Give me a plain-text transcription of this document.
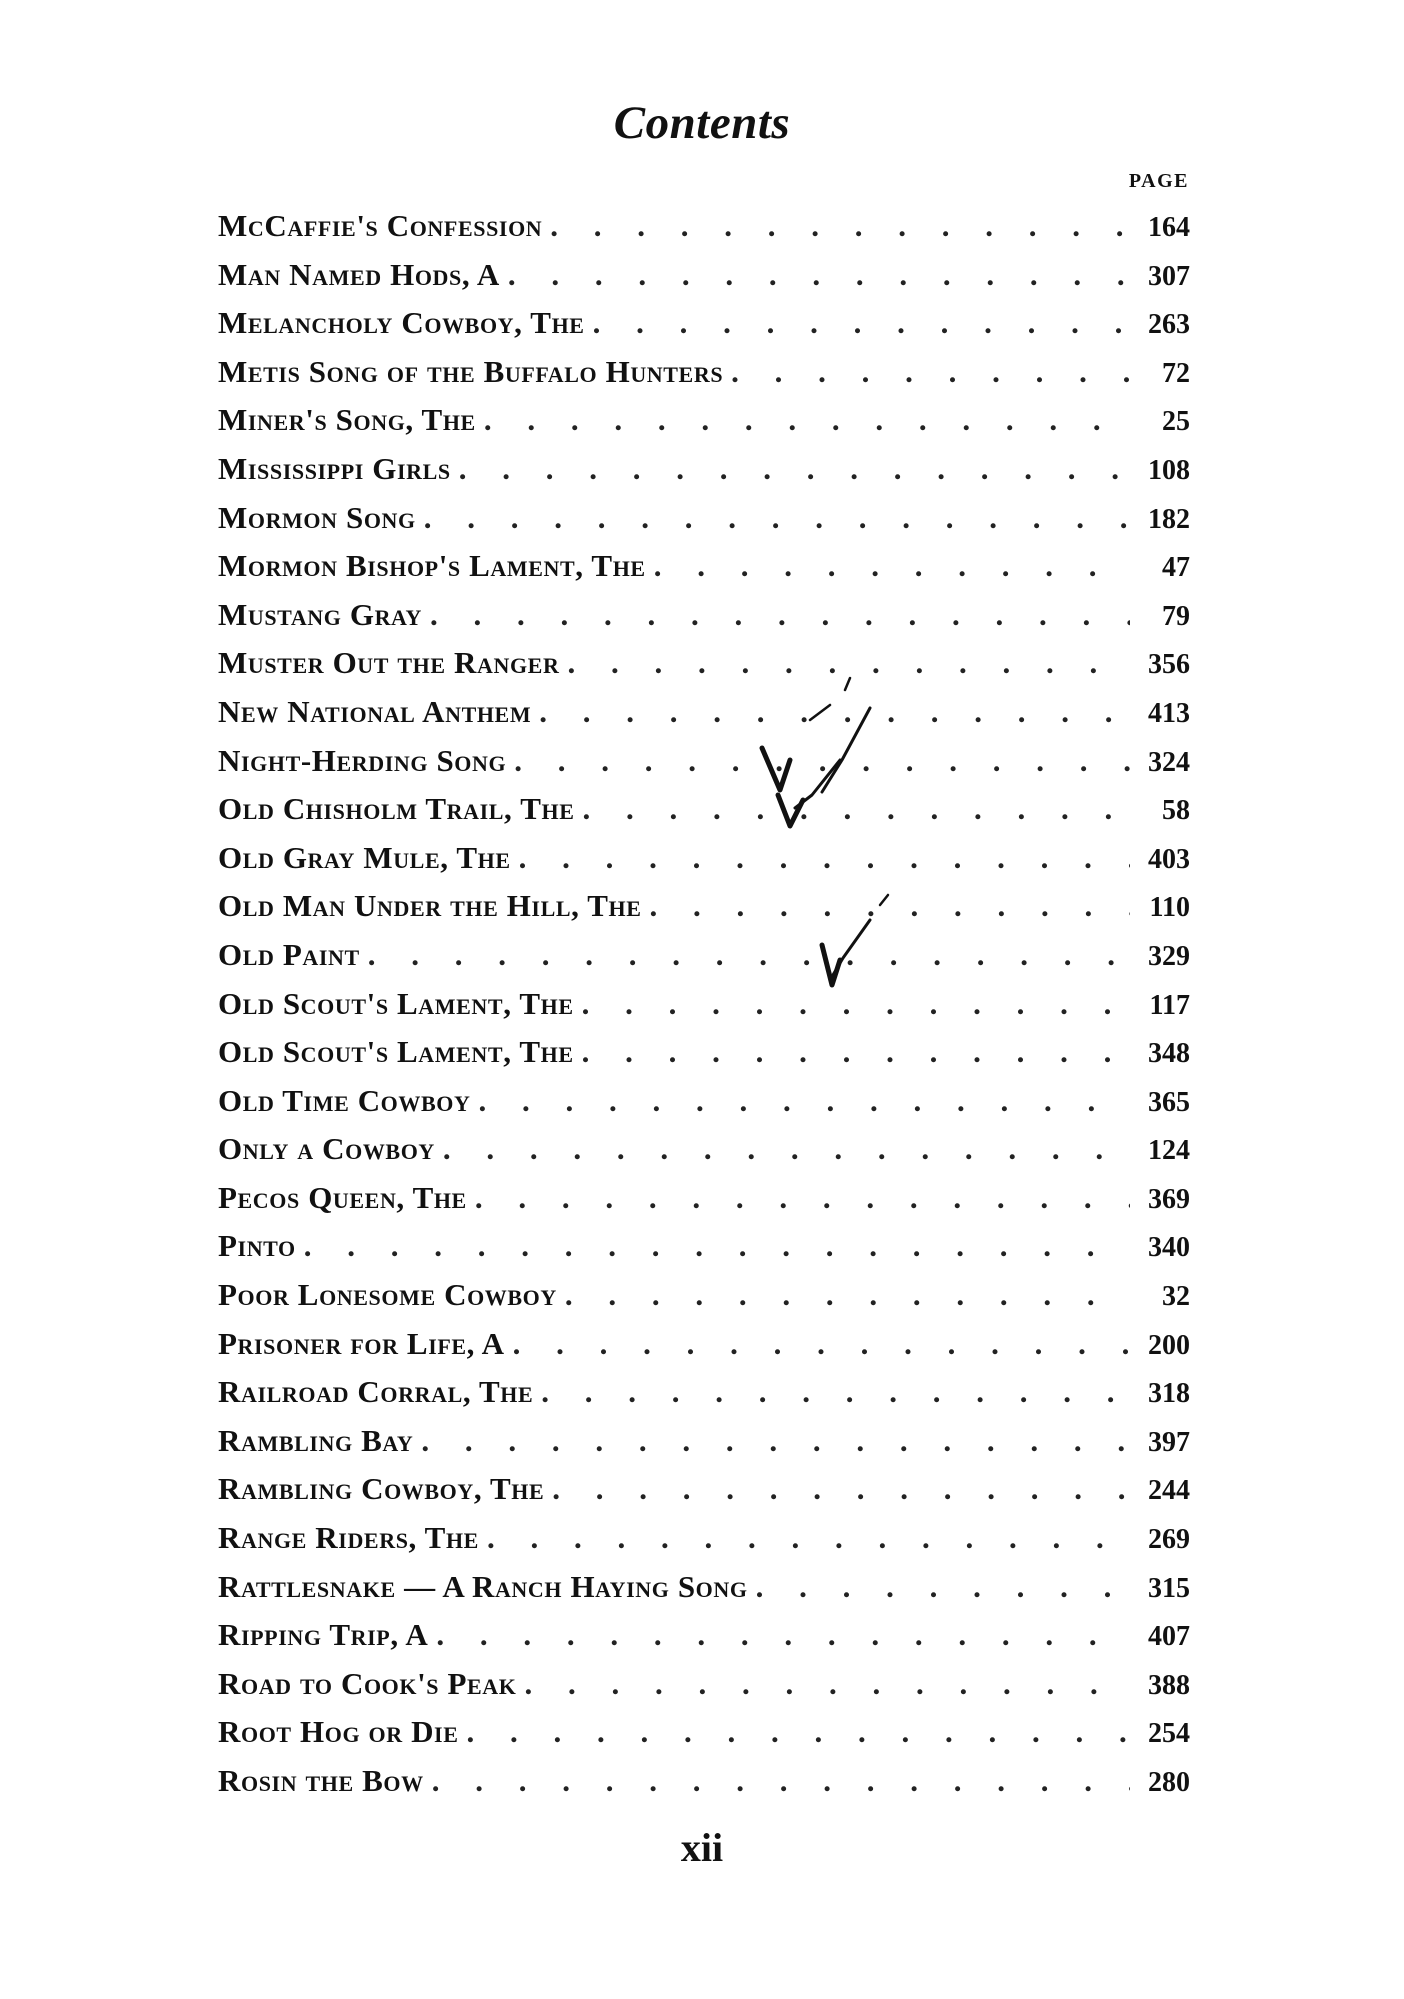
Contents
PAGE
McCaffie's Confession . . .	164
Man Named Hods, A . . .	307
Melancholy Cowboy, The . . .	263
Metis Song of the Buffalo Hunters . . .	72
Miner's Song, The . . .	25
Mississippi Girls . . .	108
Mormon Song . . .	182
Mormon Bishop's Lament, The . . .	47
Mustang Gray . . .	79
Muster Out the Ranger . . .	356
New National Anthem . . .	413
Night-Herding Song . . .	324
Old Chisholm Trail, The . . .	58
Old Gray Mule, The . . .	403
Old Man Under the Hill, The . . .	110
Old Paint . . .	329
Old Scout's Lament, The . . .	117
Old Scout's Lament, The . . .	348
Old Time Cowboy . . .	365
Only a Cowboy . . .	124
Pecos Queen, The . . .	369
Pinto . . .	340
Poor Lonesome Cowboy . . .	32
Prisoner for Life, A . . .	200
Railroad Corral, The . . .	318
Rambling Bay . . .	397
Rambling Cowboy, The . . .	244
Range Riders, The . . .	269
Rattlesnake — A Ranch Haying Song . . .	315
Ripping Trip, A . . .	407
Road to Cook's Peak . . .	388
Root Hog or Die . . .	254
Rosin the Bow . . .	280
xii
